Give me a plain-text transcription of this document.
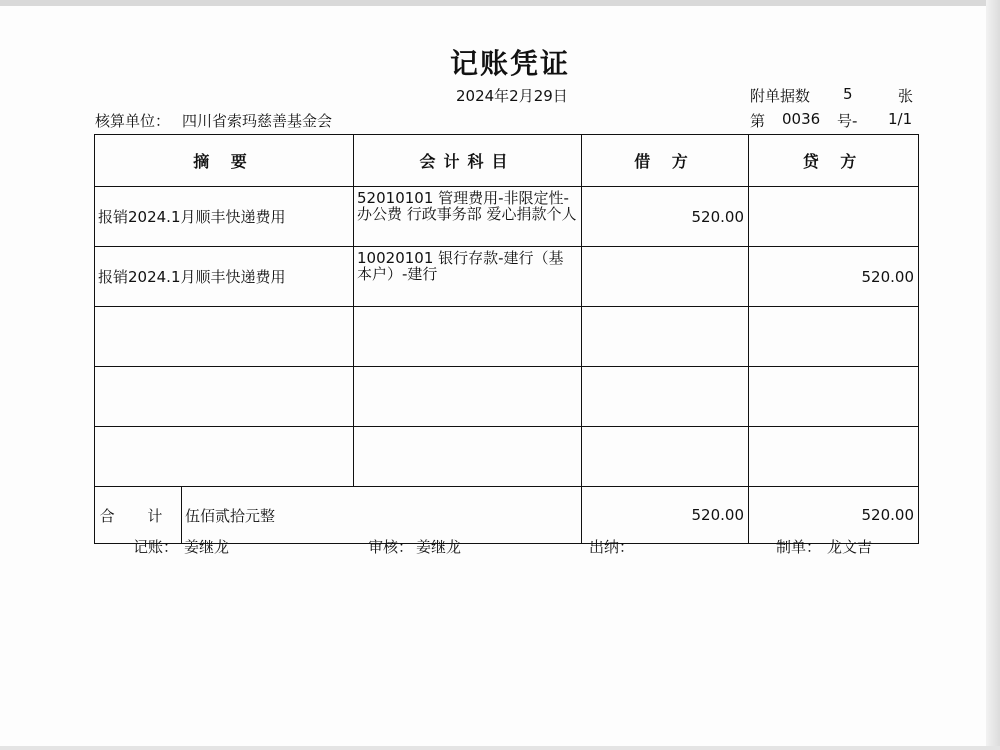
记账凭证
2024年2月29日	附单据数 5	张
核算单位： 四川省索玛慈善基金会	第 0036 号- 1/1
摘 要		会计科目	借 方	贷 方
报销2024.1月顺丰快递费用		52010101 管理费用-非限定性-办公费 行政事务部 爱心捐款个人	520.00	
报销2024.1月顺丰快递费用		10020101 银行存款-建行（基本户）-建行		520.00

合 计	伍佰贰拾元整		520.00	520.00
记账： 姜继龙	审核： 姜继龙	出纳：	制单： 龙文吉
